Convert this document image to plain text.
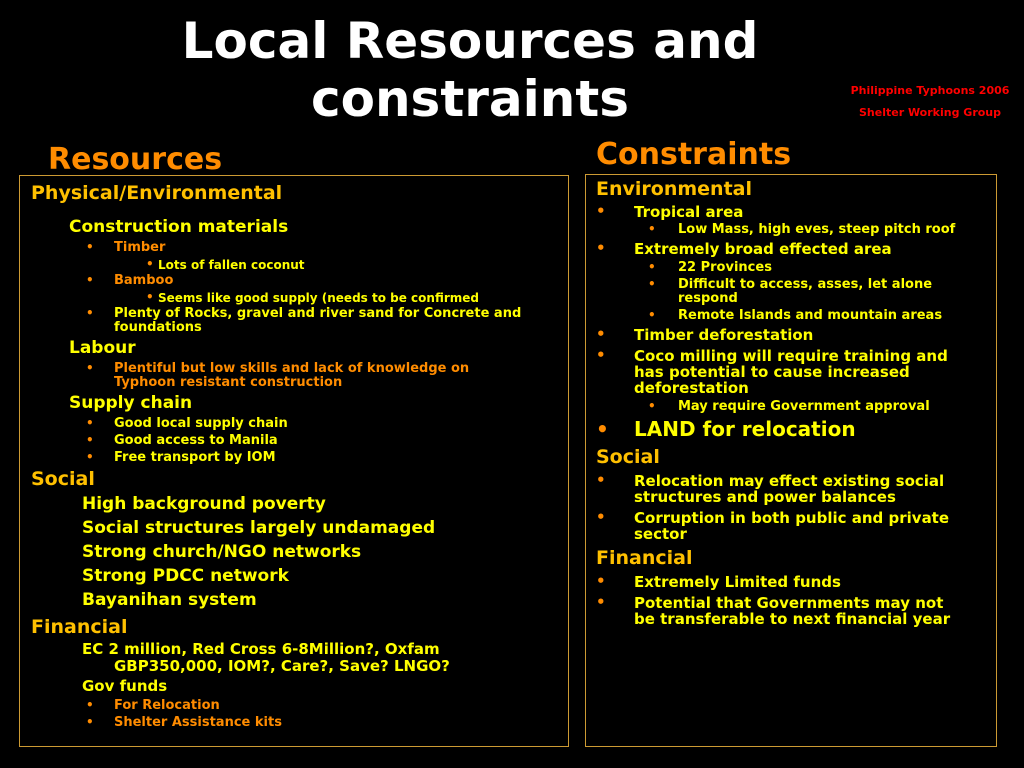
Local Resources and
constraints	Philippine Typhoons 2006
Shelter Working Group
Resources	Constraints
Physical/Environmental
Construction materials
• Timber
• Lots of fallen coconut
• Bamboo
• Seems like good supply (needs to be confirmed
• Plenty of Rocks, gravel and river sand for Concrete and
foundations
Labour
• Plentiful but low skills and lack of knowledge on
Typhoon resistant construction
Supply chain
• Good local supply chain
• Good access to Manila
• Free transport by IOM
Social
High background poverty
Social structures largely undamaged
Strong church/NGO networks
Strong PDCC network
Bayanihan system
Financial
EC 2 million, Red Cross 6-8Million?, Oxfam
GBP350,000, IOM?, Care?, Save? LNGO?
Gov funds
• For Relocation
• Shelter Assistance kits
Environmental
• Tropical area
• Low Mass, high eves, steep pitch roof
• Extremely broad effected area
• 22 Provinces
• Difficult to access, asses, let alone
respond
• Remote Islands and mountain areas
• Timber deforestation
• Coco milling will require training and
has potential to cause increased
deforestation
• May require Government approval
• LAND for relocation
Social
• Relocation may effect existing social
structures and power balances
• Corruption in both public and private
sector
Financial
• Extremely Limited funds
• Potential that Governments may not
be transferable to next financial year
